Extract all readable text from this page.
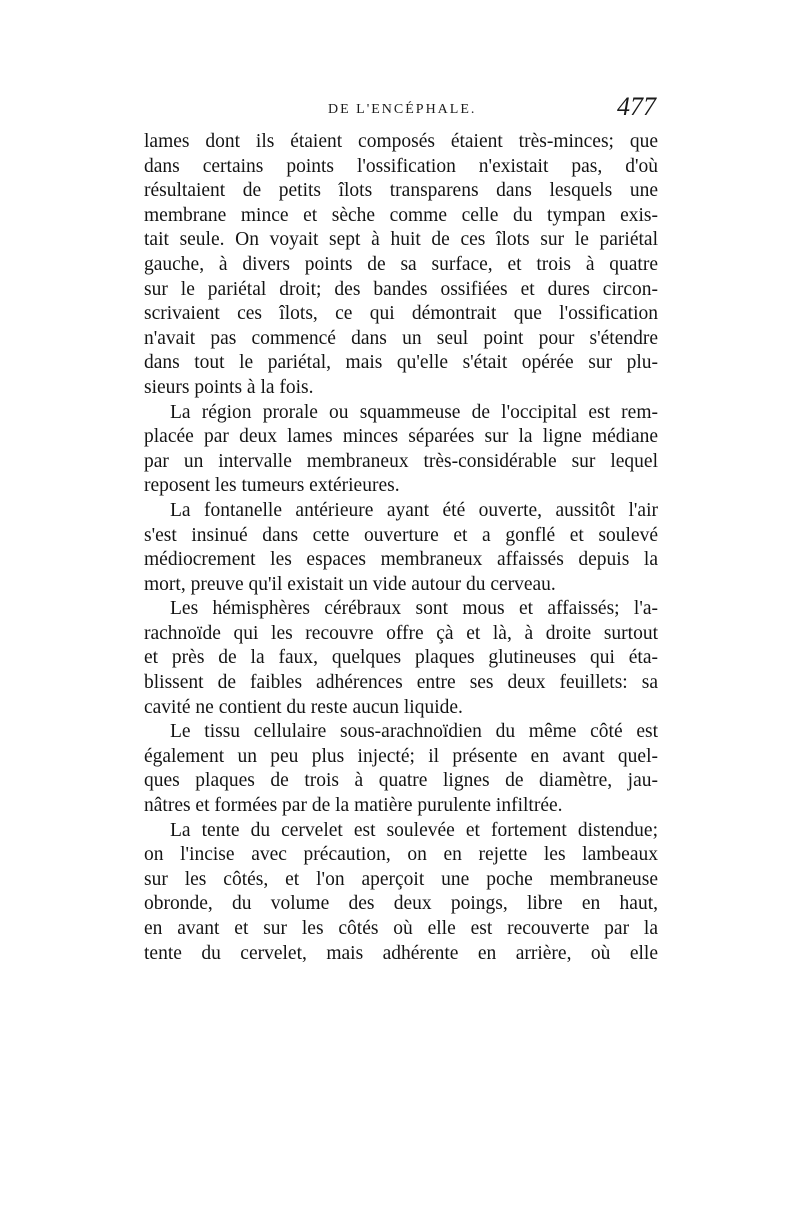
DE L'ENCÉPHALE.	477
lames dont ils étaient composés étaient très-minces; que
dans certains points l'ossification n'existait pas, d'où
résultaient de petits îlots transparens dans lesquels une
membrane mince et sèche comme celle du tympan exis-
tait seule. On voyait sept à huit de ces îlots sur le pariétal
gauche, à divers points de sa surface, et trois à quatre
sur le pariétal droit; des bandes ossifiées et dures circon-
scrivaient ces îlots, ce qui démontrait que l'ossification
n'avait pas commencé dans un seul point pour s'étendre
dans tout le pariétal, mais qu'elle s'était opérée sur plu-
sieurs points à la fois.
La région prorale ou squammeuse de l'occipital est rem-
placée par deux lames minces séparées sur la ligne médiane
par un intervalle membraneux très-considérable sur lequel
reposent les tumeurs extérieures.
La fontanelle antérieure ayant été ouverte, aussitôt l'air
s'est insinué dans cette ouverture et a gonflé et soulevé
médiocrement les espaces membraneux affaissés depuis la
mort, preuve qu'il existait un vide autour du cerveau.
Les hémisphères cérébraux sont mous et affaissés; l'a-
rachnoïde qui les recouvre offre çà et là, à droite surtout
et près de la faux, quelques plaques glutineuses qui éta-
blissent de faibles adhérences entre ses deux feuillets: sa
cavité ne contient du reste aucun liquide.
Le tissu cellulaire sous-arachnoïdien du même côté est
également un peu plus injecté; il présente en avant quel-
ques plaques de trois à quatre lignes de diamètre, jau-
nâtres et formées par de la matière purulente infiltrée.
La tente du cervelet est soulevée et fortement distendue;
on l'incise avec précaution, on en rejette les lambeaux
sur les côtés, et l'on aperçoit une poche membraneuse
obronde, du volume des deux poings, libre en haut,
en avant et sur les côtés où elle est recouverte par la
tente du cervelet, mais adhérente en arrière, où elle
